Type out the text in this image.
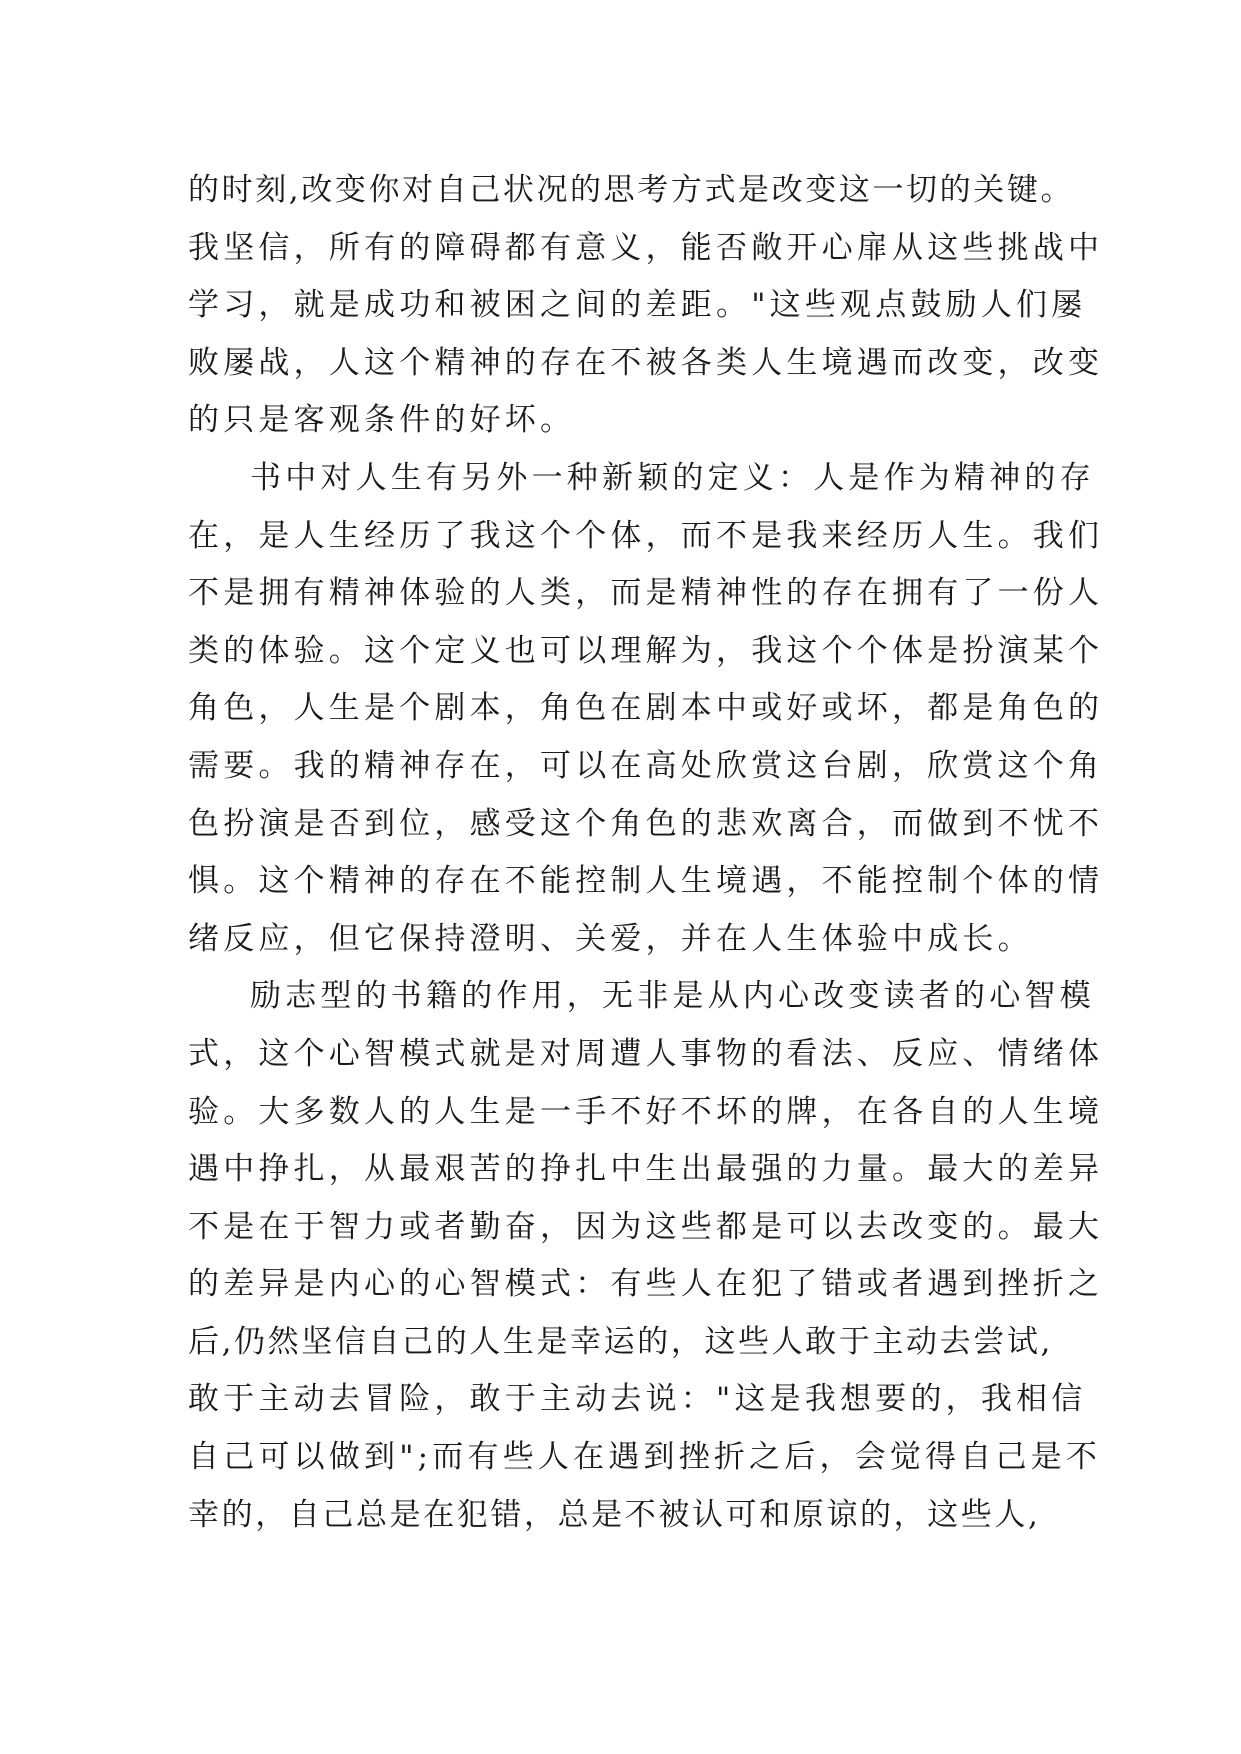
的时刻,改变你对自己状况的思考方式是改变这一切的关键。
我坚信，所有的障碍都有意义，能否敞开心扉从这些挑战中
学习，就是成功和被困之间的差距。"这些观点鼓励人们屡
败屡战，人这个精神的存在不被各类人生境遇而改变，改变
的只是客观条件的好坏。
书中对人生有另外一种新颖的定义：人是作为精神的存
在，是人生经历了我这个个体，而不是我来经历人生。我们
不是拥有精神体验的人类，而是精神性的存在拥有了一份人
类的体验。这个定义也可以理解为，我这个个体是扮演某个
角色，人生是个剧本，角色在剧本中或好或坏，都是角色的
需要。我的精神存在，可以在高处欣赏这台剧，欣赏这个角
色扮演是否到位，感受这个角色的悲欢离合，而做到不忧不
惧。这个精神的存在不能控制人生境遇，不能控制个体的情
绪反应，但它保持澄明、关爱，并在人生体验中成长。
励志型的书籍的作用，无非是从内心改变读者的心智模
式，这个心智模式就是对周遭人事物的看法、反应、情绪体
验。大多数人的人生是一手不好不坏的牌，在各自的人生境
遇中挣扎，从最艰苦的挣扎中生出最强的力量。最大的差异
不是在于智力或者勤奋，因为这些都是可以去改变的。最大
的差异是内心的心智模式：有些人在犯了错或者遇到挫折之
后,仍然坚信自己的人生是幸运的，这些人敢于主动去尝试,
敢于主动去冒险，敢于主动去说："这是我想要的，我相信
自己可以做到";而有些人在遇到挫折之后，会觉得自己是不
幸的，自己总是在犯错，总是不被认可和原谅的，这些人,
